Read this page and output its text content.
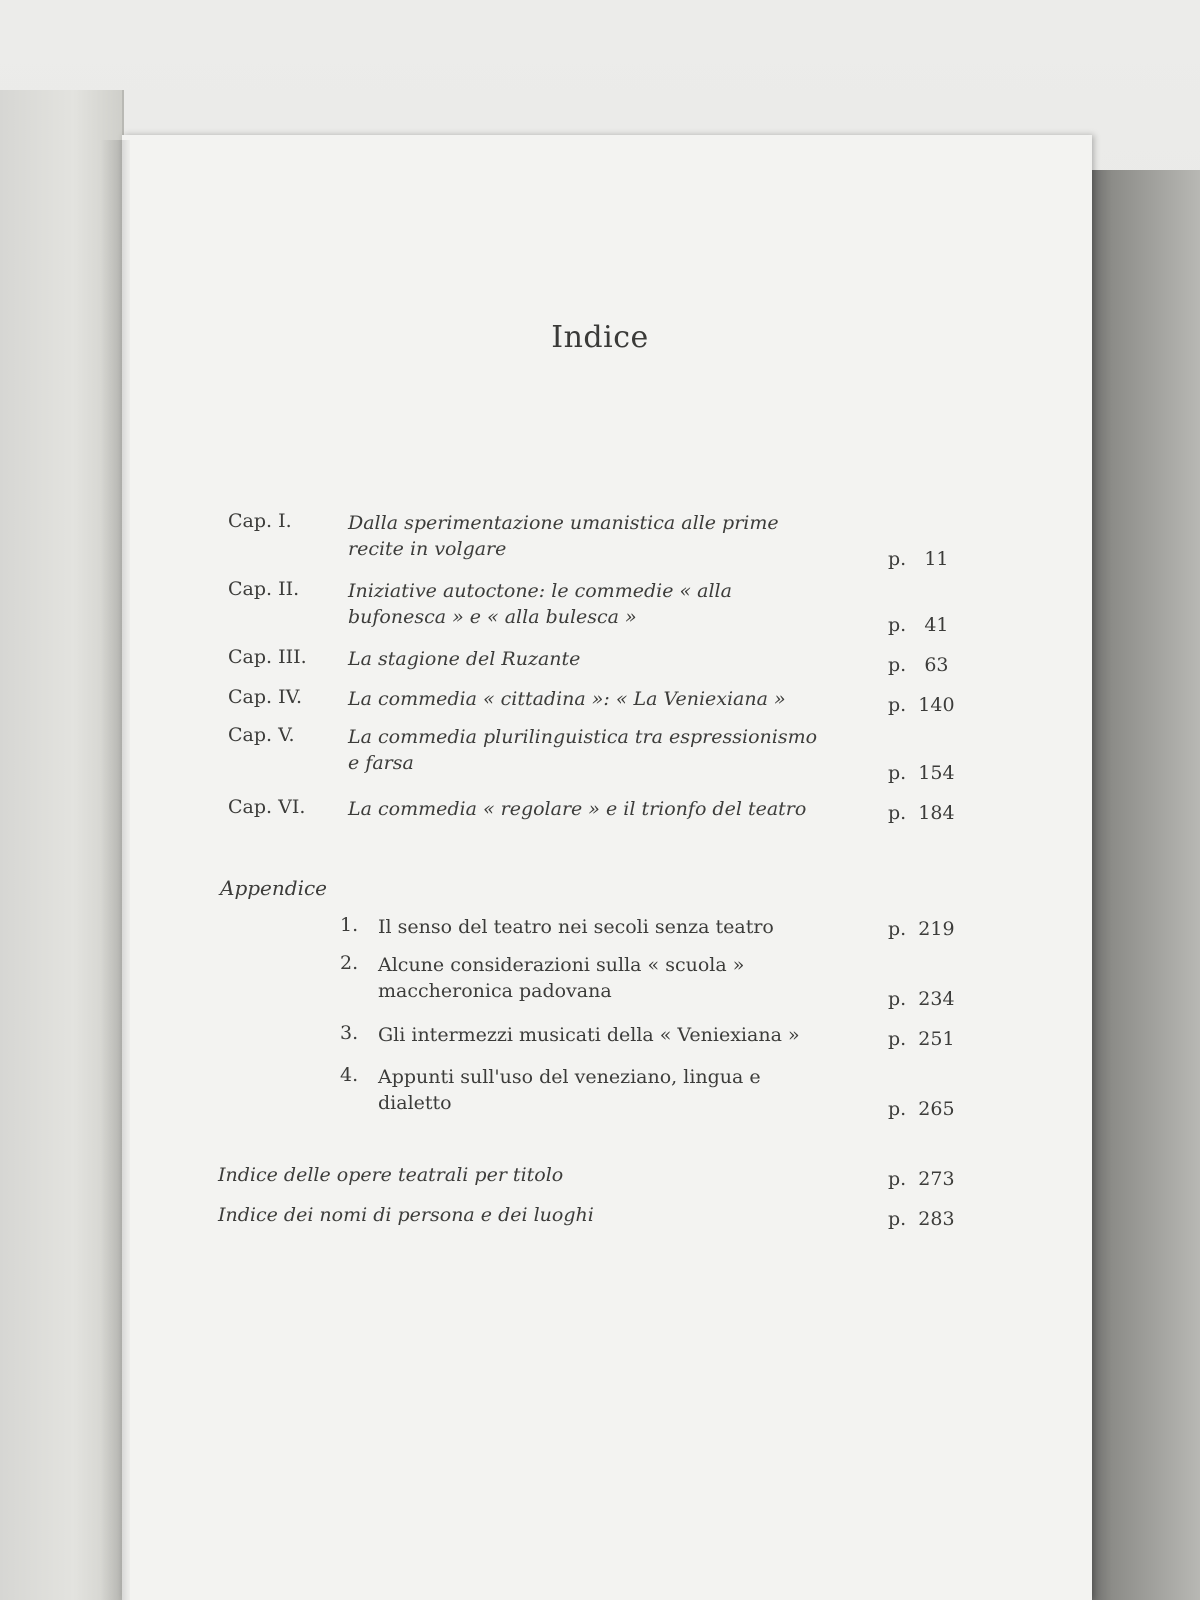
Indice
Cap. I.	Dalla sperimentazione umanistica alle prime recite in volgare	p.   11
Cap. II.	Iniziative autoctone: le commedie « alla bufonesca » e « alla bulesca »	p.   41
Cap. III.	La stagione del Ruzante	p.   63
Cap. IV.	La commedia « cittadina »: « La Veniexiana »	p.  140
Cap. V.	La commedia plurilinguistica tra espressionismo e farsa	p.  154
Cap. VI.	La commedia « regolare » e il trionfo del teatro	p.  184
Appendice
1.	Il senso del teatro nei secoli senza teatro	p.  219
2.	Alcune considerazioni sulla « scuola » maccheronica padovana	p.  234
3.	Gli intermezzi musicati della « Veniexiana »	p.  251
4.	Appunti sull'uso del veneziano, lingua e dialetto	p.  265
Indice delle opere teatrali per titolo	p.  273
Indice dei nomi di persona e dei luoghi	p.  283
